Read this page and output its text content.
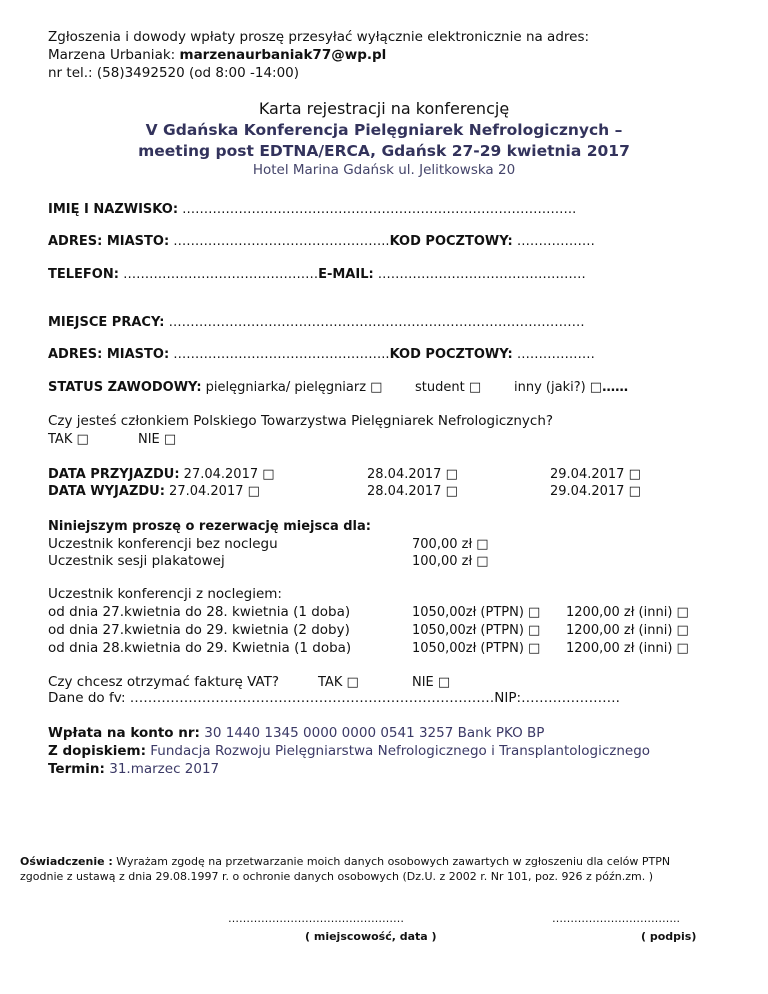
Zgłoszenia i dowody wpłaty proszę przesyłać wyłącznie elektronicznie na adres:
Marzena Urbaniak: marzenaurbaniak77@wp.pl
nr tel.: (58)3492520 (od 8:00 -14:00)
Karta rejestracji na konferencję
V Gdańska Konferencja Pielęgniarek Nefrologicznych –
meeting post EDTNA/ERCA, Gdańsk 27-29 kwietnia 2017
Hotel Marina Gdańsk ul. Jelitkowska 20
IMIĘ I NAZWISKO: ……………………………………………………………………………….
ADRES: MIASTO: …………………………………………..KOD POCZTOWY: ………………
TELEFON: ………………………………………E-MAIL: …………………………………………
MIEJSCE PRACY: ……………………………………………………………………………………
ADRES: MIASTO: …………………………………………..KOD POCZTOWY: ………………
STATUS ZAWODOWY: pielęgniarka/ pielęgniarz □	student □	inny (jaki?) □……
Czy jesteś członkiem Polskiego Towarzystwa Pielęgniarek Nefrologicznych?
TAK □	NIE □
DATA PRZYJAZDU: 27.04.2017 □	28.04.2017 □	29.04.2017 □
DATA WYJAZDU: 27.04.2017 □	28.04.2017 □	29.04.2017 □
Niniejszym proszę o rezerwację miejsca dla:
Uczestnik konferencji bez noclegu	700,00 zł □
Uczestnik sesji plakatowej	100,00 zł □
Uczestnik konferencji z noclegiem:
od dnia 27.kwietnia do 28. kwietnia (1 doba)	1050,00zł (PTPN) □ 1200,00 zł (inni) □
od dnia 27.kwietnia do 29. kwietnia (2 doby)	1050,00zł (PTPN) □ 1200,00 zł (inni) □
od dnia 28.kwietnia do 29. Kwietnia (1 doba)	1050,00zł (PTPN) □ 1200,00 zł (inni) □
Czy chcesz otrzymać fakturę VAT?	TAK □	NIE □
Dane do fv: ………………………………………………………………………NIP:………………….
Wpłata na konto nr: 30 1440 1345 0000 0000 0541 3257 Bank PKO BP
Z dopiskiem: Fundacja Rozwoju Pielęgniarstwa Nefrologicznego i Transplantologicznego
Termin: 31.marzec 2017
Oświadczenie : Wyrażam zgodę na przetwarzanie moich danych osobowych zawartych w zgłoszeniu dla celów PTPN zgodnie z ustawą z dnia 29.08.1997 r. o ochronie danych osobowych (Dz.U. z 2002 r. Nr 101, poz. 926 z późn.zm. )
…………………………………………
( miejscowość, data )
……………………………..
( podpis)
